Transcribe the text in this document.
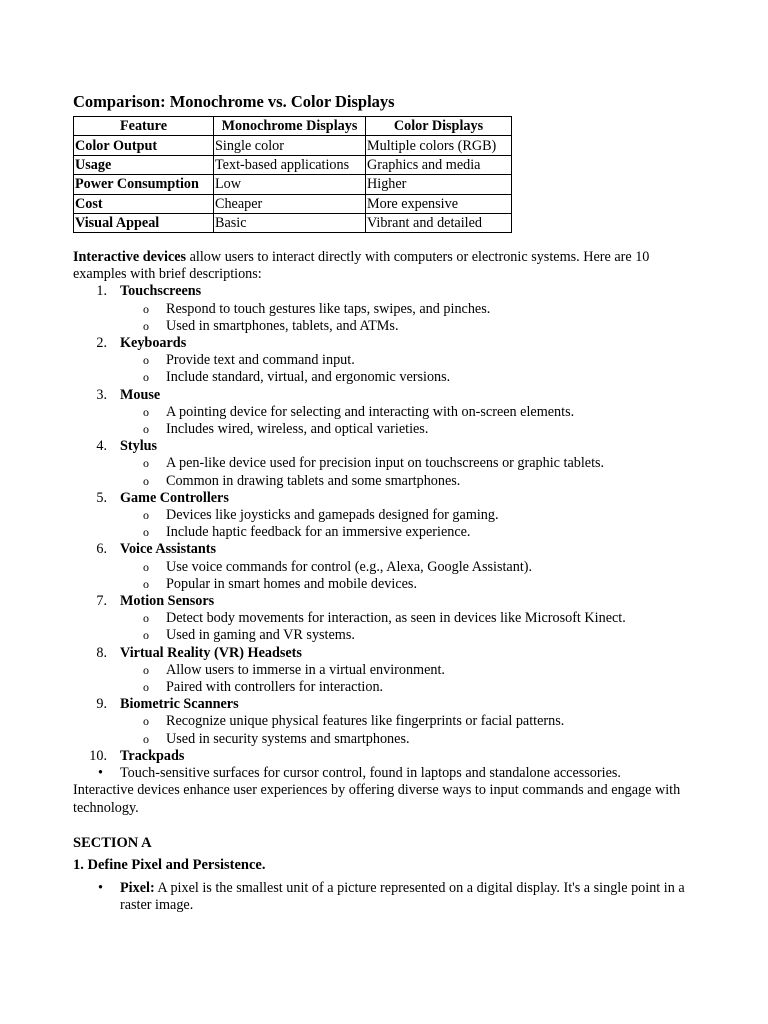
Comparison: Monochrome vs. Color Displays
Feature	Monochrome Displays	Color Displays
Color Output	Single color	Multiple colors (RGB)
Usage	Text-based applications	Graphics and media
Power Consumption	Low	Higher
Cost	Cheaper	More expensive
Visual Appeal	Basic	Vibrant and detailed

Interactive devices allow users to interact directly with computers or electronic systems. Here are 10 examples with brief descriptions:

1. Touchscreens
o Respond to touch gestures like taps, swipes, and pinches.
o Used in smartphones, tablets, and ATMs.
2. Keyboards
o Provide text and command input.
o Include standard, virtual, and ergonomic versions.
3. Mouse
o A pointing device for selecting and interacting with on-screen elements.
o Includes wired, wireless, and optical varieties.
4. Stylus
o A pen-like device used for precision input on touchscreens or graphic tablets.
o Common in drawing tablets and some smartphones.
5. Game Controllers
o Devices like joysticks and gamepads designed for gaming.
o Include haptic feedback for an immersive experience.
6. Voice Assistants
o Use voice commands for control (e.g., Alexa, Google Assistant).
o Popular in smart homes and mobile devices.
7. Motion Sensors
o Detect body movements for interaction, as seen in devices like Microsoft Kinect.
o Used in gaming and VR systems.
8. Virtual Reality (VR) Headsets
o Allow users to immerse in a virtual environment.
o Paired with controllers for interaction.
9. Biometric Scanners
o Recognize unique physical features like fingerprints or facial patterns.
o Used in security systems and smartphones.
10. Trackpads
• Touch-sensitive surfaces for cursor control, found in laptops and standalone accessories.

Interactive devices enhance user experiences by offering diverse ways to input commands and engage with technology.

SECTION A
1. Define Pixel and Persistence.
• Pixel: A pixel is the smallest unit of a picture represented on a digital display. It's a single point in a raster image.
